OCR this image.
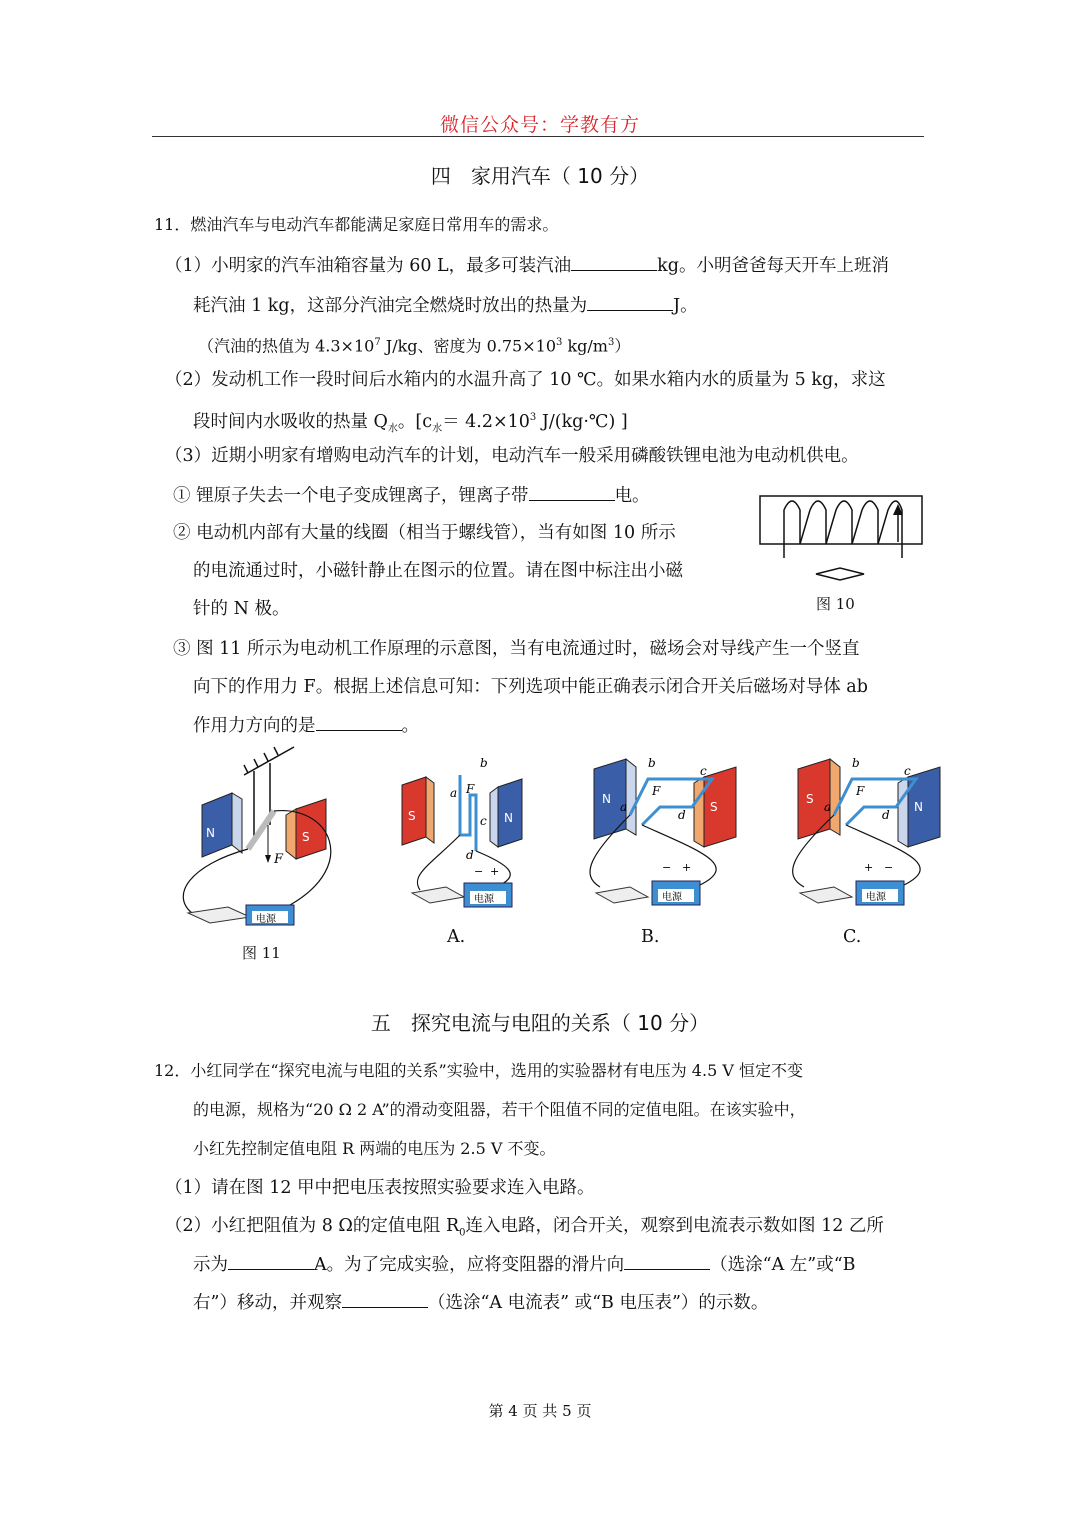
微信公众号：学教有方
四　家用汽车（ 10 分）
11．燃油汽车与电动汽车都能满足家庭日常用车的需求。
（1）小明家的汽车油箱容量为 60 L，最多可装汽油	kg。小明爸爸每天开车上班消
耗汽油 1 kg，这部分汽油完全燃烧时放出的热量为	J。
（汽油的热值为 $4.3\times 10^7$ J/kg、密度为 $0.75\times 10^3$ $kg/m^3$）
（2）发动机工作一段时间后水箱内的水温升高了 10 ℃。如果水箱内水的质量为 5 kg，求这
段时间内水吸收的热量 $Q_水$。[$c_水= 4.2\times 10^3$ J/(kg·℃) ]
（3）近期小明家有增购电动汽车的计划，电动汽车一般采用磷酸铁锂电池为电动机供电。
① 锂原子失去一个电子变成锂离子，锂离子带	电。
② 电动机内部有大量的线圈（相当于螺线管），当有如图 10 所示
的电流通过时，小磁针静止在图示的位置。请在图中标注出小磁
针的 N 极。	图 10
③ 图 11 所示为电动机工作原理的示意图，当有电流通过时，磁场会对导线产生一个竖直
向下的作用力 F。根据上述信息可知：下列选项中能正确表示闭合开关后磁场对导体 ab
作用力方向的是	。
F
N	S
电源
图 11
S	N
a
b
c
d
F
− +
电源
A.
N
S
b
c
d
a
F
− +
电源
B.
S
N
b
c
d
a
F
+ −
电源
C.
五　探究电流与电阻的关系（ 10 分）
12．小红同学在“探究电流与电阻的关系”实验中，选用的实验器材有电压为 4.5 V 恒定不变
的电源，规格为“20 Ω 2 A”的滑动变阻器，若干个阻值不同的定值电阻。在该实验中，
小红先控制定值电阻 R 两端的电压为 2.5 V 不变。
（1）请在图 12 甲中把电压表按照实验要求连入电路。
（2）小红把阻值为 8 Ω的定值电阻 $R_0$连入电路，闭合开关，观察到电流表示数如图 12 乙所
示为	A。为了完成实验，应将变阻器的滑片向	（选涂“A 左”或“B
右”）移动，并观察	（选涂“A 电流表” 或“B 电压表”）的示数。
第 4 页 共 5 页
